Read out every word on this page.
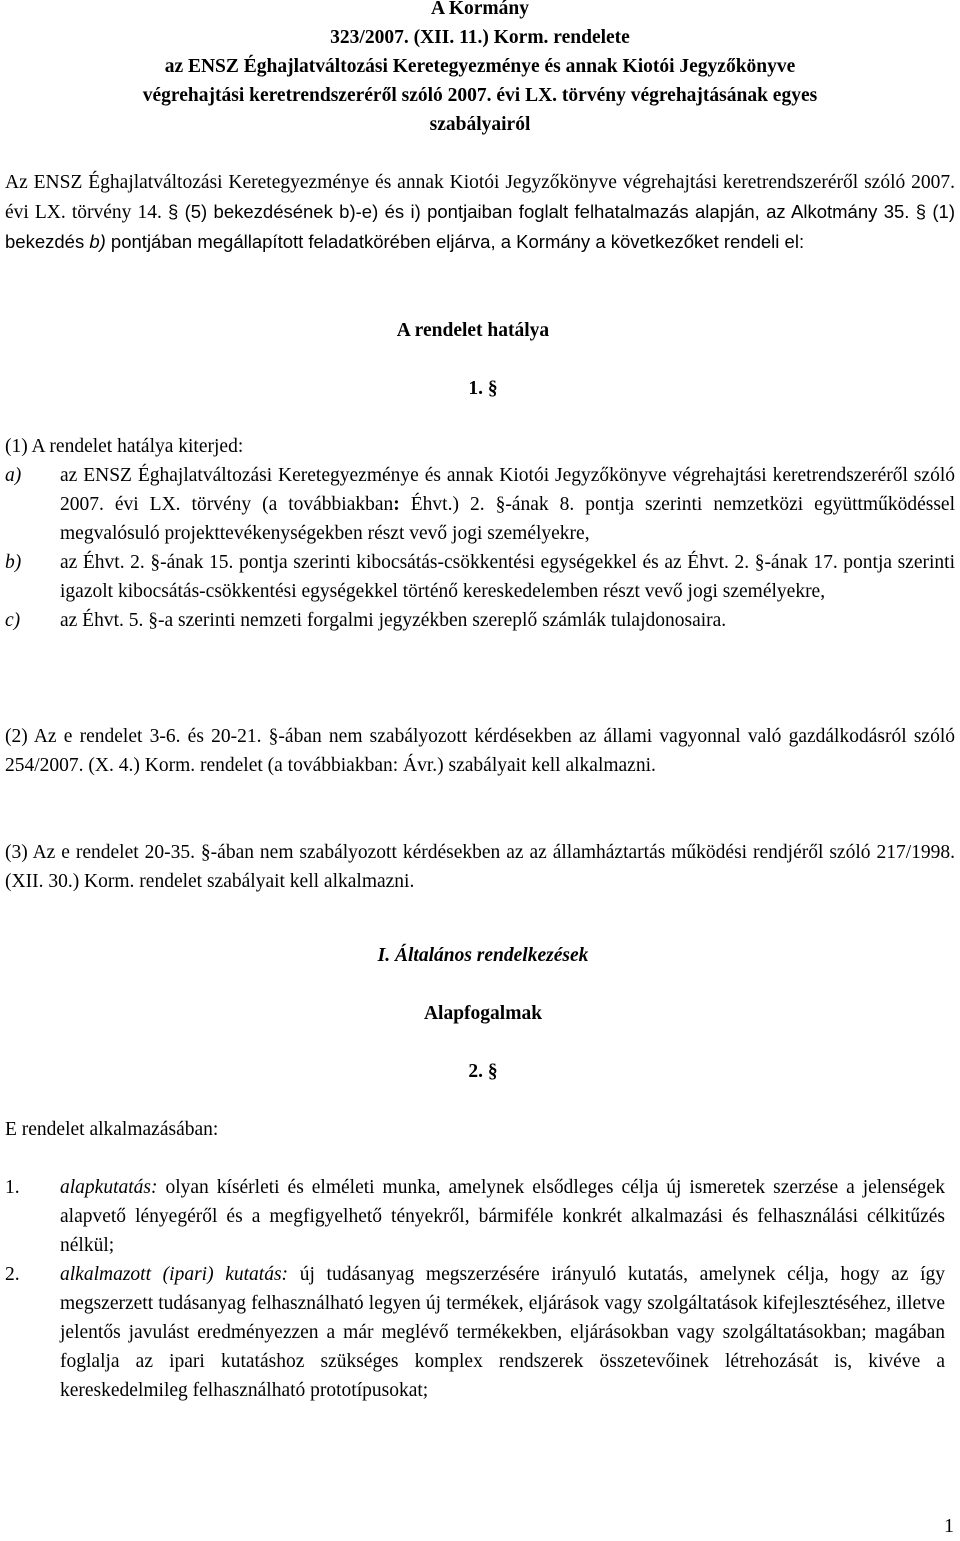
A Kormány
323/2007. (XII. 11.) Korm. rendelete
az ENSZ Éghajlatváltozási Keretegyezménye és annak Kiotói Jegyzőkönyve
végrehajtási keretrendszeréről szóló 2007. évi LX. törvény végrehajtásának egyes
szabályairól
Az ENSZ Éghajlatváltozási Keretegyezménye és annak Kiotói Jegyzőkönyve végrehajtási keretrendszeréről szóló 2007. évi LX. törvény 14. § (5) bekezdésének b)-e) és i) pontjaiban foglalt felhatalmazás alapján, az Alkotmány 35. § (1) bekezdés b) pontjában megállapított feladatkörében eljárva, a Kormány a következőket rendeli el:
A rendelet hatálya
1. §
(1) A rendelet hatálya kiterjed:
a)	az ENSZ Éghajlatváltozási Keretegyezménye és annak Kiotói Jegyzőkönyve végrehajtási keretrendszeréről szóló 2007. évi LX. törvény (a továbbiakban: Éhvt.) 2. §-ának 8. pontja szerinti nemzetközi együttműködéssel megvalósuló projekttevékenységekben részt vevő jogi személyekre,
b)	az Éhvt. 2. §-ának 15. pontja szerinti kibocsátás-csökkentési egységekkel és az Éhvt. 2. §-ának 17. pontja szerinti igazolt kibocsátás-csökkentési egységekkel történő kereskedelemben részt vevő jogi személyekre,
c)	az Éhvt. 5. §-a szerinti nemzeti forgalmi jegyzékben szereplő számlák tulajdonosaira.
(2) Az e rendelet 3-6. és 20-21. §-ában nem szabályozott kérdésekben az állami vagyonnal való gazdálkodásról szóló 254/2007. (X. 4.) Korm. rendelet (a továbbiakban: Ávr.) szabályait kell alkalmazni.
(3) Az e rendelet 20-35. §-ában nem szabályozott kérdésekben az az államháztartás működési rendjéről szóló 217/1998. (XII. 30.) Korm. rendelet szabályait kell alkalmazni.
I. Általános rendelkezések
Alapfogalmak
2. §
E rendelet alkalmazásában:
1.	alapkutatás: olyan kísérleti és elméleti munka, amelynek elsődleges célja új ismeretek szerzése a jelenségek alapvető lényegéről és a megfigyelhető tényekről, bármiféle konkrét alkalmazási és felhasználási célkitűzés nélkül;
2.	alkalmazott (ipari) kutatás: új tudásanyag megszerzésére irányuló kutatás, amelynek célja, hogy az így megszerzett tudásanyag felhasználható legyen új termékek, eljárások vagy szolgáltatások kifejlesztéséhez, illetve jelentős javulást eredményezzen a már meglévő termékekben, eljárásokban vagy szolgáltatásokban; magában foglalja az ipari kutatáshoz szükséges komplex rendszerek összetevőinek létrehozását is, kivéve a kereskedelmileg felhasználható prototípusokat;
1
